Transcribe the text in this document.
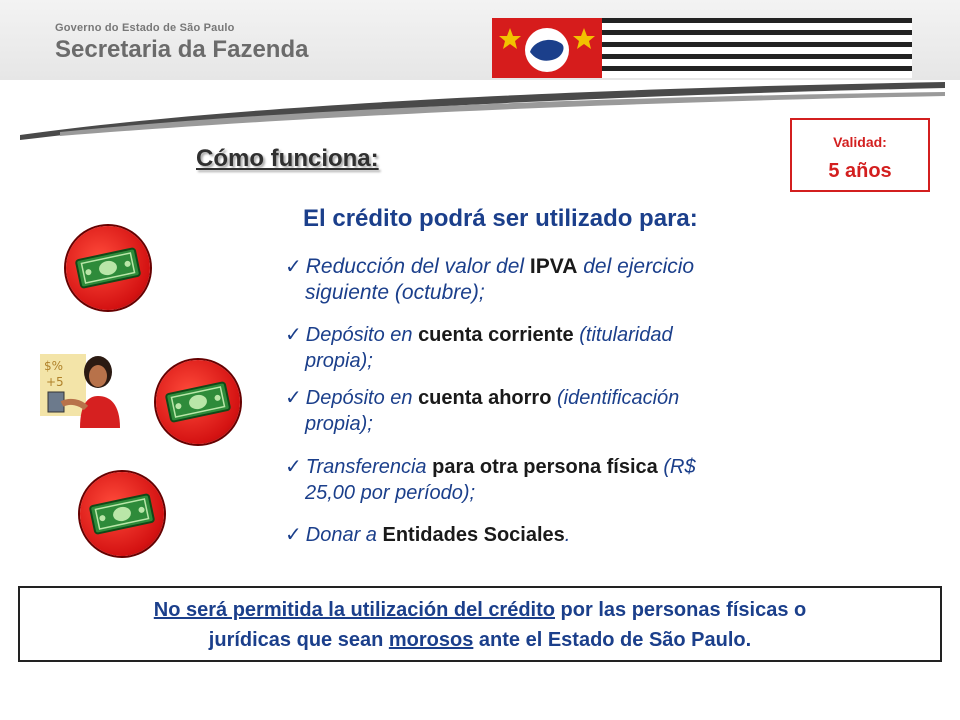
Governo do Estado de São Paulo
Secretaria da Fazenda
Validad:
5 años
Cómo funciona:
El crédito podrá ser utilizado para:
✓ Reducción del valor del IPVA del ejercicio
siguiente (octubre);
✓ Depósito en cuenta corriente (titularidad
propia);
✓ Depósito en cuenta ahorro (identificación
propia);
✓ Transferencia para otra persona física (R$
25,00 por período);
✓ Donar a Entidades Sociales.
$%
+5
No será permitida la utilización del crédito por las personas físicas o
jurídicas que sean morosos ante el Estado de São Paulo.
